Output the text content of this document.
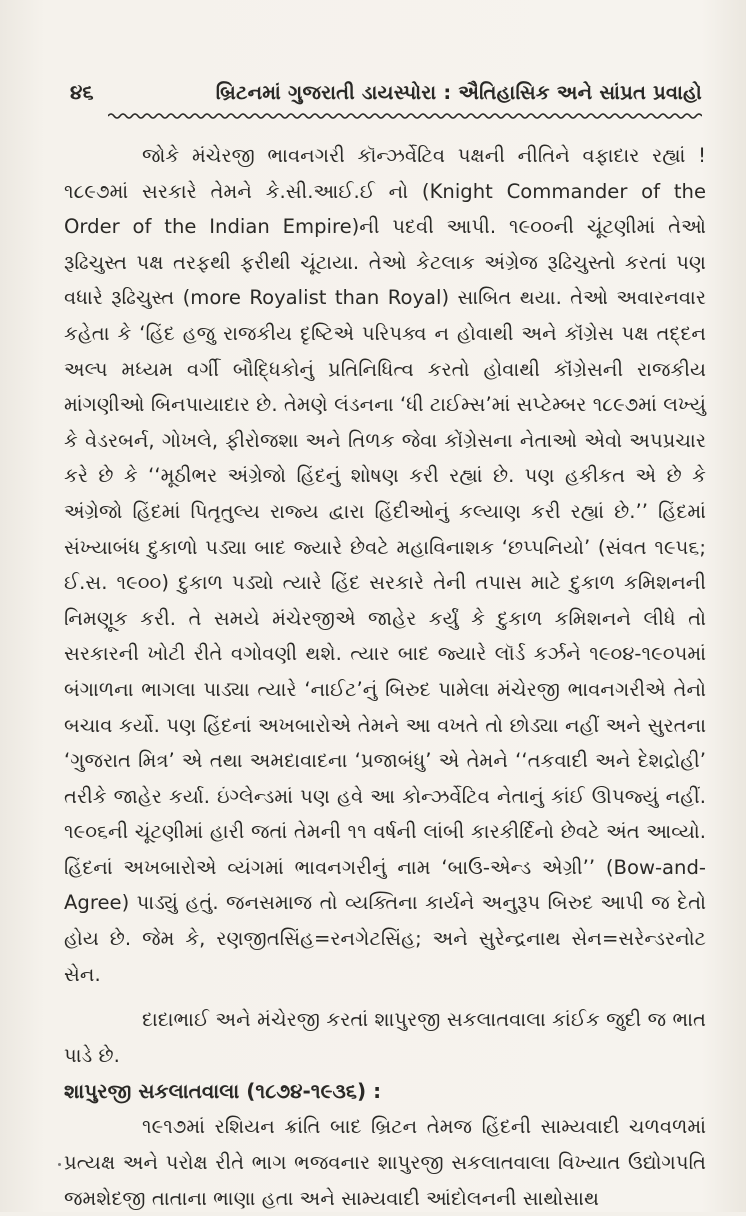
૪૬	બ્રિટનમાં ગુજરાતી ડાયસ્પોરા : ઐતિહાસિક અને સાંપ્રત પ્રવાહો

જોકે મંચેરજી ભાવનગરી કૉન્ઝર્વેટિવ પક્ષની નીતિને વફાદાર રહ્યાં ! ૧૮૯૭માં સરકારે તેમને કે.સી.આઈ.ઈ નો (Knight Commander of the Order of the Indian Empire)ની પદવી આપી. ૧૯૦૦ની ચૂંટણીમાં તેઓ રૂઢિચુસ્ત પક્ષ તરફથી ફરીથી ચૂંટાયા. તેઓ કેટલાક અંગ્રેજ રૂઢિચુસ્તો કરતાં પણ વધારે રૂઢિચુસ્ત (more Royalist than Royal) સાબિત થયા. તેઓ અવારનવાર કહેતા કે ‘હિંદ હજુ રાજકીય દૃષ્ટિએ પરિપક્વ ન હોવાથી અને કૉંગ્રેસ પક્ષ તદ્દન અલ્પ મધ્યમ વર્ગી બૌદ્ધિકોનું પ્રતિનિધિત્વ કરતો હોવાથી કૉંગ્રેસની રાજકીય માંગણીઓ બિનપાયાદાર છે. તેમણે લંડનના ‘ધી ટાઈમ્સ’માં સપ્ટેમ્બર ૧૮૯૭માં લખ્યું કે વેડરબર્ન, ગોખલે, ફીરોજશા અને તિળક જેવા કોંગ્રેસના નેતાઓ એવો અપપ્રચાર કરે છે કે ‘‘મૂઠીભર અંગ્રેજો હિંદનું શોષણ કરી રહ્યાં છે. પણ હકીકત એ છે કે અંગ્રેજો હિંદમાં પિતૃતુલ્ય રાજ્ય દ્વારા હિંદીઓનું કલ્યાણ કરી રહ્યાં છે.’’ હિંદમાં સંખ્યાબંધ દુકાળો પડ્યા બાદ જ્યારે છેવટે મહાવિનાશક ‘છપ્પનિયો’ (સંવત ૧૯૫૬; ઈ.સ. ૧૯૦૦) દુકાળ પડ્યો ત્યારે હિંદ સરકારે તેની તપાસ માટે દુકાળ કમિશનની નિમણૂક કરી. તે સમયે મંચેરજીએ જાહેર કર્યું કે દુકાળ કમિશનને લીધે તો સરકારની ખોટી રીતે વગોવણી થશે. ત્યાર બાદ જ્યારે લૉર્ડ કર્ઝને ૧૯૦૪-૧૯૦૫માં બંગાળના ભાગલા પાડ્યા ત્યારે ‘નાઈટ’નું બિરુદ પામેલા મંચેરજી ભાવનગરીએ તેનો બચાવ કર્યો. પણ હિંદનાં અખબારોએ તેમને આ વખતે તો છોડ્યા નહીં અને સુરતના ‘ગુજરાત મિત્ર’ એ તથા અમદાવાદના ‘પ્રજાબંધુ’ એ તેમને ‘‘તકવાદી અને દેશદ્રોહી’ તરીકે જાહેર કર્યા. ઇંગ્લેન્ડમાં પણ હવે આ કોન્ઝર્વેટિવ નેતાનું કાંઈ ઊપજ્યું નહીં. ૧૯૦૬ની ચૂંટણીમાં હારી જતાં તેમની ૧૧ વર્ષની લાંબી કારકીર્દિનો છેવટે અંત આવ્યો. હિંદનાં અખબારોએ વ્યંગમાં ભાવનગરીનું નામ ‘બાઉ-એન્ડ એગ્રી’’ (Bow-and-Agree) પાડ્યું હતું. જનસમાજ તો વ્યક્તિના કાર્યને અનુરૂપ બિરુદ આપી જ દેતો હોય છે. જેમ કે, રણજીતસિંહ=રનગેટસિંહ; અને સુરેન્દ્રનાથ સેન=સરેન્ડરનોટ સેન.

દાદાભાઈ અને મંચેરજી કરતાં શાપુરજી સકલાતવાલા કાંઈક જુદી જ ભાત પાડે છે.

શાપુરજી સકલાતવાલા (૧૮૭૪-૧૯૩૬) :

૧૯૧૭માં રશિયન ક્રાંતિ બાદ બ્રિટન તેમજ હિંદની સામ્યવાદી ચળવળમાં પ્રત્યક્ષ અને પરોક્ષ રીતે ભાગ ભજવનાર શાપુરજી સકલાતવાલા વિખ્યાત ઉદ્યોગપતિ જમશેદજી તાતાના ભાણા હતા અને સામ્યવાદી આંદોલનની સાથોસાથ
